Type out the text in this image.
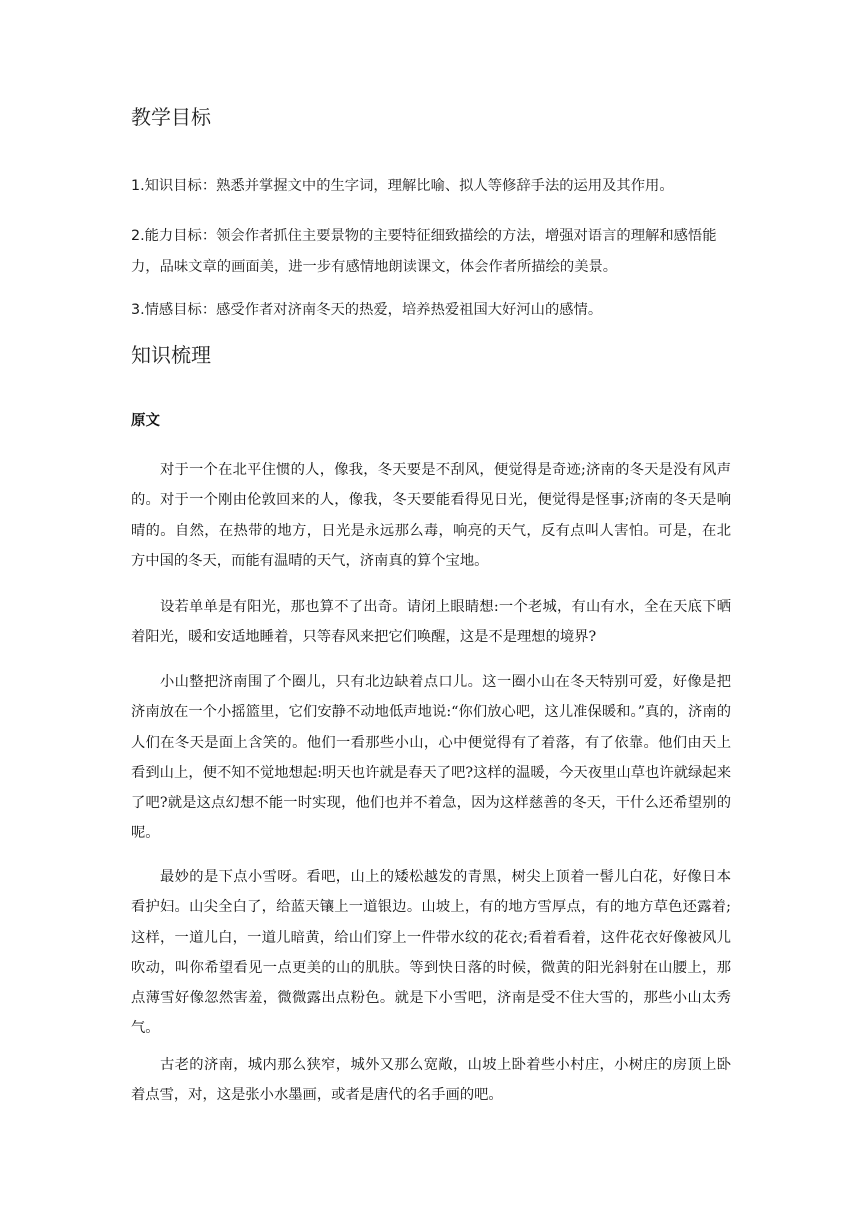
教学目标

1.知识目标：熟悉并掌握文中的生字词，理解比喻、拟人等修辞手法的运用及其作用。

2.能力目标：领会作者抓住主要景物的主要特征细致描绘的方法，增强对语言的理解和感悟能力，品味文章的画面美，进一步有感情地朗读课文，体会作者所描绘的美景。

3.情感目标：感受作者对济南冬天的热爱，培养热爱祖国大好河山的感情。

知识梳理
原文

对于一个在北平住惯的人，像我，冬天要是不刮风，便觉得是奇迹;济南的冬天是没有风声的。对于一个刚由伦敦回来的人，像我，冬天要能看得见日光，便觉得是怪事;济南的冬天是响晴的。自然，在热带的地方，日光是永远那么毒，响亮的天气，反有点叫人害怕。可是，在北方中国的冬天，而能有温晴的天气，济南真的算个宝地。

设若单单是有阳光，那也算不了出奇。请闭上眼睛想:一个老城，有山有水，全在天底下晒着阳光，暖和安适地睡着，只等春风来把它们唤醒，这是不是理想的境界?

小山整把济南围了个圈儿，只有北边缺着点口儿。这一圈小山在冬天特别可爱，好像是把济南放在一个小摇篮里，它们安静不动地低声地说:“你们放心吧，这儿准保暖和。”真的，济南的人们在冬天是面上含笑的。他们一看那些小山，心中便觉得有了着落，有了依靠。他们由天上看到山上，便不知不觉地想起:明天也许就是春天了吧?这样的温暖，今天夜里山草也许就绿起来了吧?就是这点幻想不能一时实现，他们也并不着急，因为这样慈善的冬天，干什么还希望别的呢。

最妙的是下点小雪呀。看吧，山上的矮松越发的青黑，树尖上顶着一髻儿白花，好像日本看护妇。山尖全白了，给蓝天镶上一道银边。山坡上，有的地方雪厚点，有的地方草色还露着;这样，一道儿白，一道儿暗黄，给山们穿上一件带水纹的花衣;看着看着，这件花衣好像被风儿吹动，叫你希望看见一点更美的山的肌肤。等到快日落的时候，微黄的阳光斜射在山腰上，那点薄雪好像忽然害羞，微微露出点粉色。就是下小雪吧，济南是受不住大雪的，那些小山太秀气。

古老的济南，城内那么狭窄，城外又那么宽敞，山坡上卧着些小村庄，小树庄的房顶上卧着点雪，对，这是张小水墨画，或者是唐代的名手画的吧。
